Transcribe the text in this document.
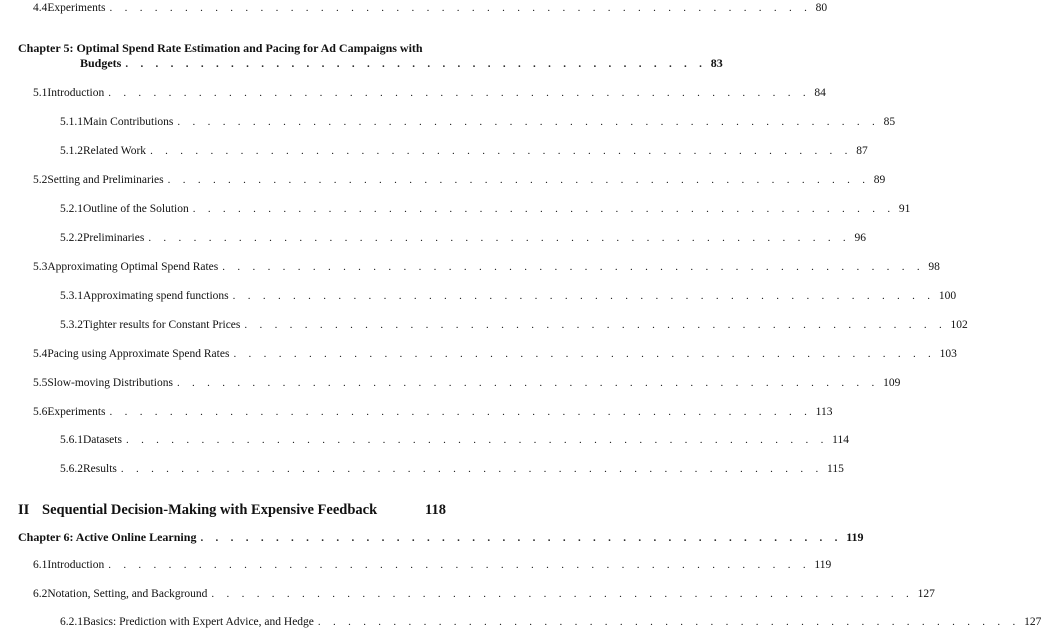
4.4 Experiments . . . . . . . . . . . . . . . . . . . . . . . . . . . . . . . . . . . . . . . . . . . . . . . 80
Chapter 5: Optimal Spend Rate Estimation and Pacing for Ad Campaigns with
Budgets . . . . . . . . . . . . . . . . . . . . . . . . . . . . . . . . . . . . . . . 83
5.1 Introduction . . . . . . . . . . . . . . . . . . . . . . . . . . . . . . . . . . . . . . . . . . . . . . . 84
5.1.1 Main Contributions . . . . . . . . . . . . . . . . . . . . . . . . . . . . . . . . . . . . . . . . . . . . . . . 85
5.1.2 Related Work . . . . . . . . . . . . . . . . . . . . . . . . . . . . . . . . . . . . . . . . . . . . . . . 87
5.2 Setting and Preliminaries . . . . . . . . . . . . . . . . . . . . . . . . . . . . . . . . . . . . . . . . . . . . . . . 89
5.2.1 Outline of the Solution . . . . . . . . . . . . . . . . . . . . . . . . . . . . . . . . . . . . . . . . . . . . . . . 91
5.2.2 Preliminaries . . . . . . . . . . . . . . . . . . . . . . . . . . . . . . . . . . . . . . . . . . . . . . . 96
5.3 Approximating Optimal Spend Rates . . . . . . . . . . . . . . . . . . . . . . . . . . . . . . . . . . . . . . . . . . . . . . . 98
5.3.1 Approximating spend functions . . . . . . . . . . . . . . . . . . . . . . . . . . . . . . . . . . . . . . . . . . . . . . . 100
5.3.2 Tighter results for Constant Prices . . . . . . . . . . . . . . . . . . . . . . . . . . . . . . . . . . . . . . . . . . . . . . . 102
5.4 Pacing using Approximate Spend Rates . . . . . . . . . . . . . . . . . . . . . . . . . . . . . . . . . . . . . . . . . . . . . . . 103
5.5 Slow-moving Distributions . . . . . . . . . . . . . . . . . . . . . . . . . . . . . . . . . . . . . . . . . . . . . . . 109
5.6 Experiments . . . . . . . . . . . . . . . . . . . . . . . . . . . . . . . . . . . . . . . . . . . . . . . 113
5.6.1 Datasets . . . . . . . . . . . . . . . . . . . . . . . . . . . . . . . . . . . . . . . . . . . . . . . 114
5.6.2 Results . . . . . . . . . . . . . . . . . . . . . . . . . . . . . . . . . . . . . . . . . . . . . . . 115
II Sequential Decision-Making with Expensive Feedback	118
Chapter 6: Active Online Learning . . . . . . . . . . . . . . . . . . . . . . . . . . . . . . . . . . . . . . . . . . . 119
6.1 Introduction . . . . . . . . . . . . . . . . . . . . . . . . . . . . . . . . . . . . . . . . . . . . . . . 119
6.2 Notation, Setting, and Background . . . . . . . . . . . . . . . . . . . . . . . . . . . . . . . . . . . . . . . . . . . . . . . 127
6.2.1 Basics: Prediction with Expert Advice, and Hedge . . . . . . . . . . . . . . . . . . . . . . . . . . . . . . . . . . . . . . . . . . . . . . . 127
